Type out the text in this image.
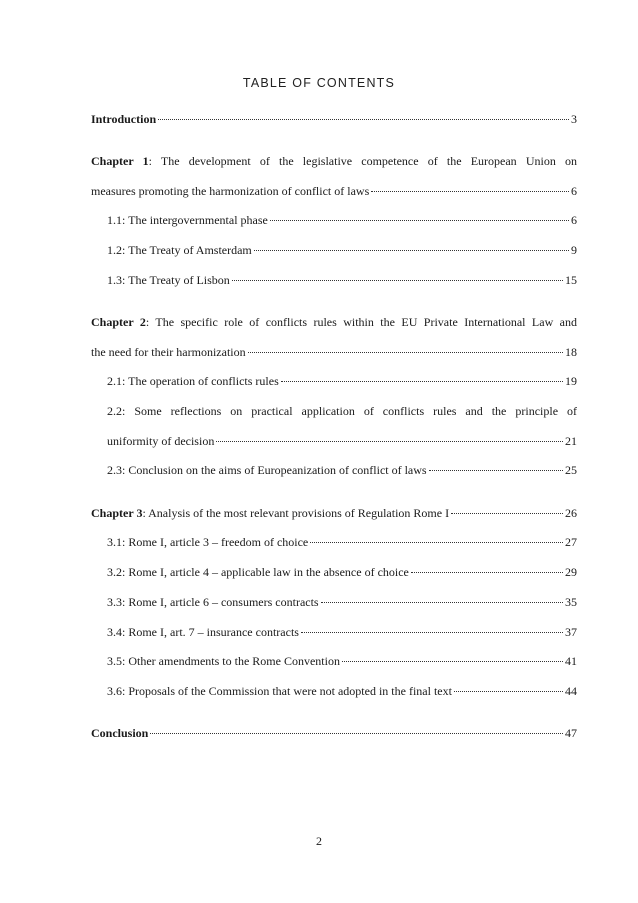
TABLE OF CONTENTS
Introduction	3
Chapter 1: The development of the legislative competence of the European Union on
measures promoting the harmonization of conflict of laws	6
1.1: The intergovernmental phase	6
1.2: The Treaty of Amsterdam	9
1.3: The Treaty of Lisbon	15
Chapter 2: The specific role of conflicts rules within the EU Private International Law and
the need for their harmonization	18
2.1: The operation of conflicts rules	19
2.2: Some reflections on practical application of conflicts rules and the principle of
uniformity of decision	21
2.3: Conclusion on the aims of Europeanization of conflict of laws	25
Chapter 3: Analysis of the most relevant provisions of Regulation Rome I	26
3.1: Rome I, article 3 – freedom of choice	27
3.2: Rome I, article 4 – applicable law in the absence of choice	29
3.3: Rome I, article 6 – consumers contracts	35
3.4: Rome I, art. 7 – insurance contracts	37
3.5: Other amendments to the Rome Convention	41
3.6: Proposals of the Commission that were not adopted in the final text	44
Conclusion	47
2
